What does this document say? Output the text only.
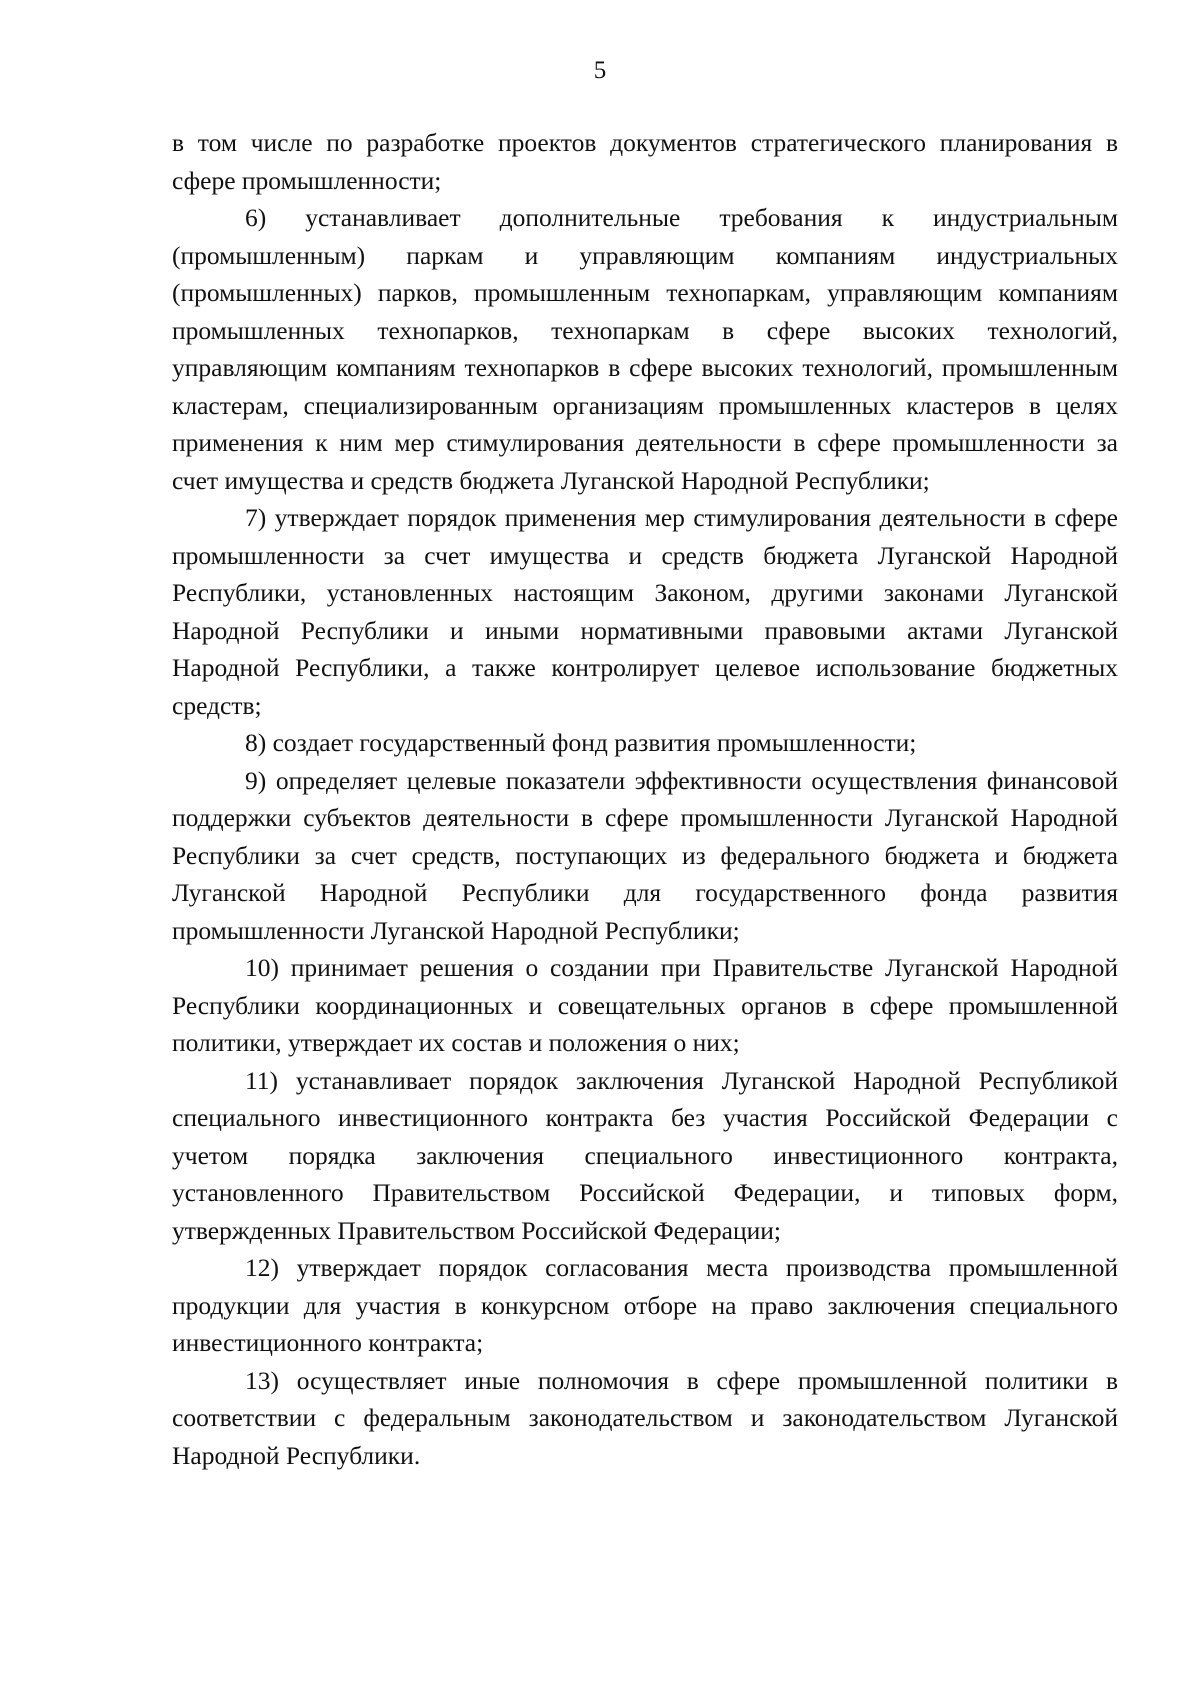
5

в том числе по разработке проектов документов стратегического планирования в сфере промышленности;

6) устанавливает дополнительные требования к индустриальным (промышленным) паркам и управляющим компаниям индустриальных (промышленных) парков, промышленным технопаркам, управляющим компаниям промышленных технопарков, технопаркам в сфере высоких технологий, управляющим компаниям технопарков в сфере высоких технологий, промышленным кластерам, специализированным организациям промышленных кластеров в целях применения к ним мер стимулирования деятельности в сфере промышленности за счет имущества и средств бюджета Луганской Народной Республики;

7) утверждает порядок применения мер стимулирования деятельности в сфере промышленности за счет имущества и средств бюджета Луганской Народной Республики, установленных настоящим Законом, другими законами Луганской Народной Республики и иными нормативными правовыми актами Луганской Народной Республики, а также контролирует целевое использование бюджетных средств;

8) создает государственный фонд развития промышленности;

9) определяет целевые показатели эффективности осуществления финансовой поддержки субъектов деятельности в сфере промышленности Луганской Народной Республики за счет средств, поступающих из федерального бюджета и бюджета Луганской Народной Республики для государственного фонда развития промышленности Луганской Народной Республики;

10) принимает решения о создании при Правительстве Луганской Народной Республики координационных и совещательных органов в сфере промышленной политики, утверждает их состав и положения о них;

11) устанавливает порядок заключения Луганской Народной Республикой специального инвестиционного контракта без участия Российской Федерации с учетом порядка заключения специального инвестиционного контракта, установленного Правительством Российской Федерации, и типовых форм, утвержденных Правительством Российской Федерации;

12) утверждает порядок согласования места производства промышленной продукции для участия в конкурсном отборе на право заключения специального инвестиционного контракта;

13) осуществляет иные полномочия в сфере промышленной политики в соответствии с федеральным законодательством и законодательством Луганской Народной Республики.
